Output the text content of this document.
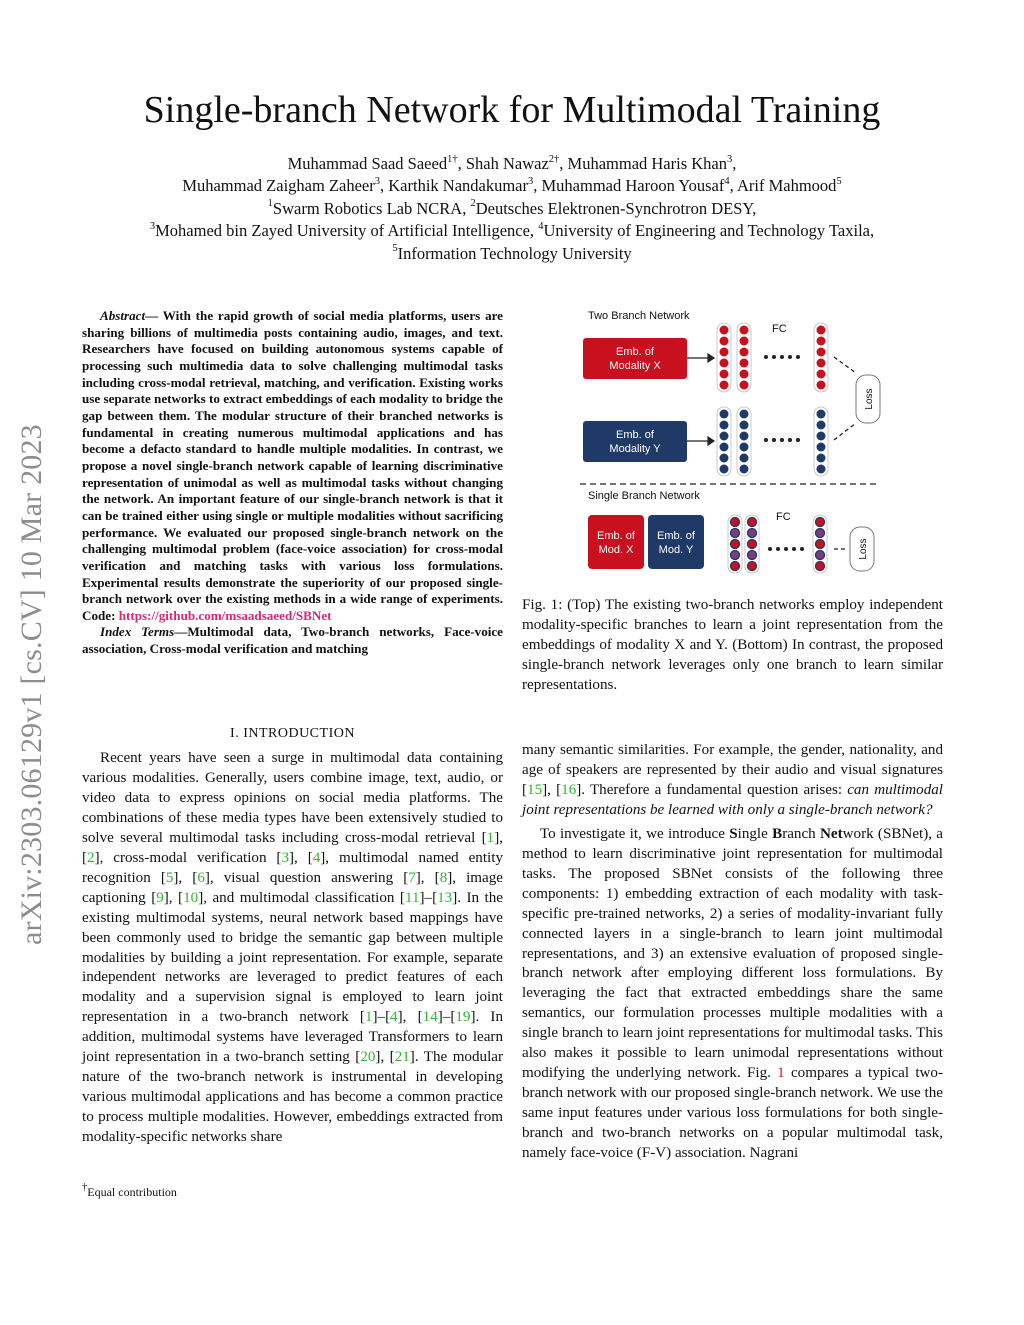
Single-branch Network for Multimodal Training
Muhammad Saad Saeed$^{1\dagger}$, Shah Nawaz$^{2\dagger}$, Muhammad Haris Khan$^3$,
Muhammad Zaigham Zaheer$^3$, Karthik Nandakumar$^3$, Muhammad Haroon Yousaf$^4$, Arif Mahmood$^5$
$^1$Swarm Robotics Lab NCRA, $^2$Deutsches Elektronen-Synchrotron DESY,
$^3$Mohamed bin Zayed University of Artificial Intelligence, $^4$University of Engineering and Technology Taxila,
$^5$Information Technology University
arXiv:2303.06129v1 [cs.CV] 10 Mar 2023
Abstract— With the rapid growth of social media platforms, users are sharing billions of multimedia posts containing audio, images, and text. Researchers have focused on building autonomous systems capable of processing such multimedia data to solve challenging multimodal tasks including cross-modal retrieval, matching, and verification. Existing works use separate networks to extract embeddings of each modality to bridge the gap between them. The modular structure of their branched networks is fundamental in creating numerous multimodal applications and has become a defacto standard to handle multiple modalities. In contrast, we propose a novel single-branch network capable of learning discriminative representation of unimodal as well as multimodal tasks without changing the network. An important feature of our single-branch network is that it can be trained either using single or multiple modalities without sacrificing performance. We evaluated our proposed single-branch network on the challenging multimodal problem (face-voice association) for cross-modal verification and matching tasks with various loss formulations. Experimental results demonstrate the superiority of our proposed single-branch network over the existing methods in a wide range of experiments. Code: https://github.com/msaadsaeed/SBNet
Index Terms—Multimodal data, Two-branch networks, Face-voice association, Cross-modal verification and matching
I. INTRODUCTION

Recent years have seen a surge in multimodal data containing various modalities. Generally, users combine image, text, audio, or video data to express opinions on social media platforms. The combinations of these media types have been extensively studied to solve several multimodal tasks including cross-modal retrieval [1], [2], cross-modal verification [3], [4], multimodal named entity recognition [5], [6], visual question answering [7], [8], image captioning [9], [10], and multimodal classification [11]–[13]. In the existing multimodal systems, neural network based mappings have been commonly used to bridge the semantic gap between multiple modalities by building a joint representation. For example, separate independent networks are leveraged to predict features of each modality and a supervision signal is employed to learn joint representation in a two-branch network [1]–[4], [14]–[19]. In addition, multimodal systems have leveraged Transformers to learn joint representation in a two-branch setting [20], [21]. The modular nature of the two-branch network is instrumental in developing various multimodal applications and has become a common practice to process multiple modalities. However, embeddings extracted from modality-specific networks share

†Equal contribution
Two Branch Network
FC
Emb. of
Modality X
Emb. of
Modality Y
Loss
Loss
Single Branch Network
FC
Emb. of
Mod. X
Emb. of
Mod. Y
Fig. 1: (Top) The existing two-branch networks employ independent modality-specific branches to learn a joint representation from the embeddings of modality X and Y. (Bottom) In contrast, the proposed single-branch network leverages only one branch to learn similar representations.

many semantic similarities. For example, the gender, nationality, and age of speakers are represented by their audio and visual signatures [15], [16]. Therefore a fundamental question arises: can multimodal joint representations be learned with only a single-branch network?

To investigate it, we introduce Single Branch Network (SBNet), a method to learn discriminative joint representation for multimodal tasks. The proposed SBNet consists of the following three components: 1) embedding extraction of each modality with task-specific pre-trained networks, 2) a series of modality-invariant fully connected layers in a single-branch to learn joint multimodal representations, and 3) an extensive evaluation of proposed single-branch network after employing different loss formulations. By leveraging the fact that extracted embeddings share the same semantics, our formulation processes multiple modalities with a single branch to learn joint representations for multimodal tasks. This also makes it possible to learn unimodal representations without modifying the underlying network. Fig. 1 compares a typical two-branch network with our proposed single-branch network. We use the same input features under various loss formulations for both single-branch and two-branch networks on a popular multimodal task, namely face-voice (F-V) association. Nagrani
